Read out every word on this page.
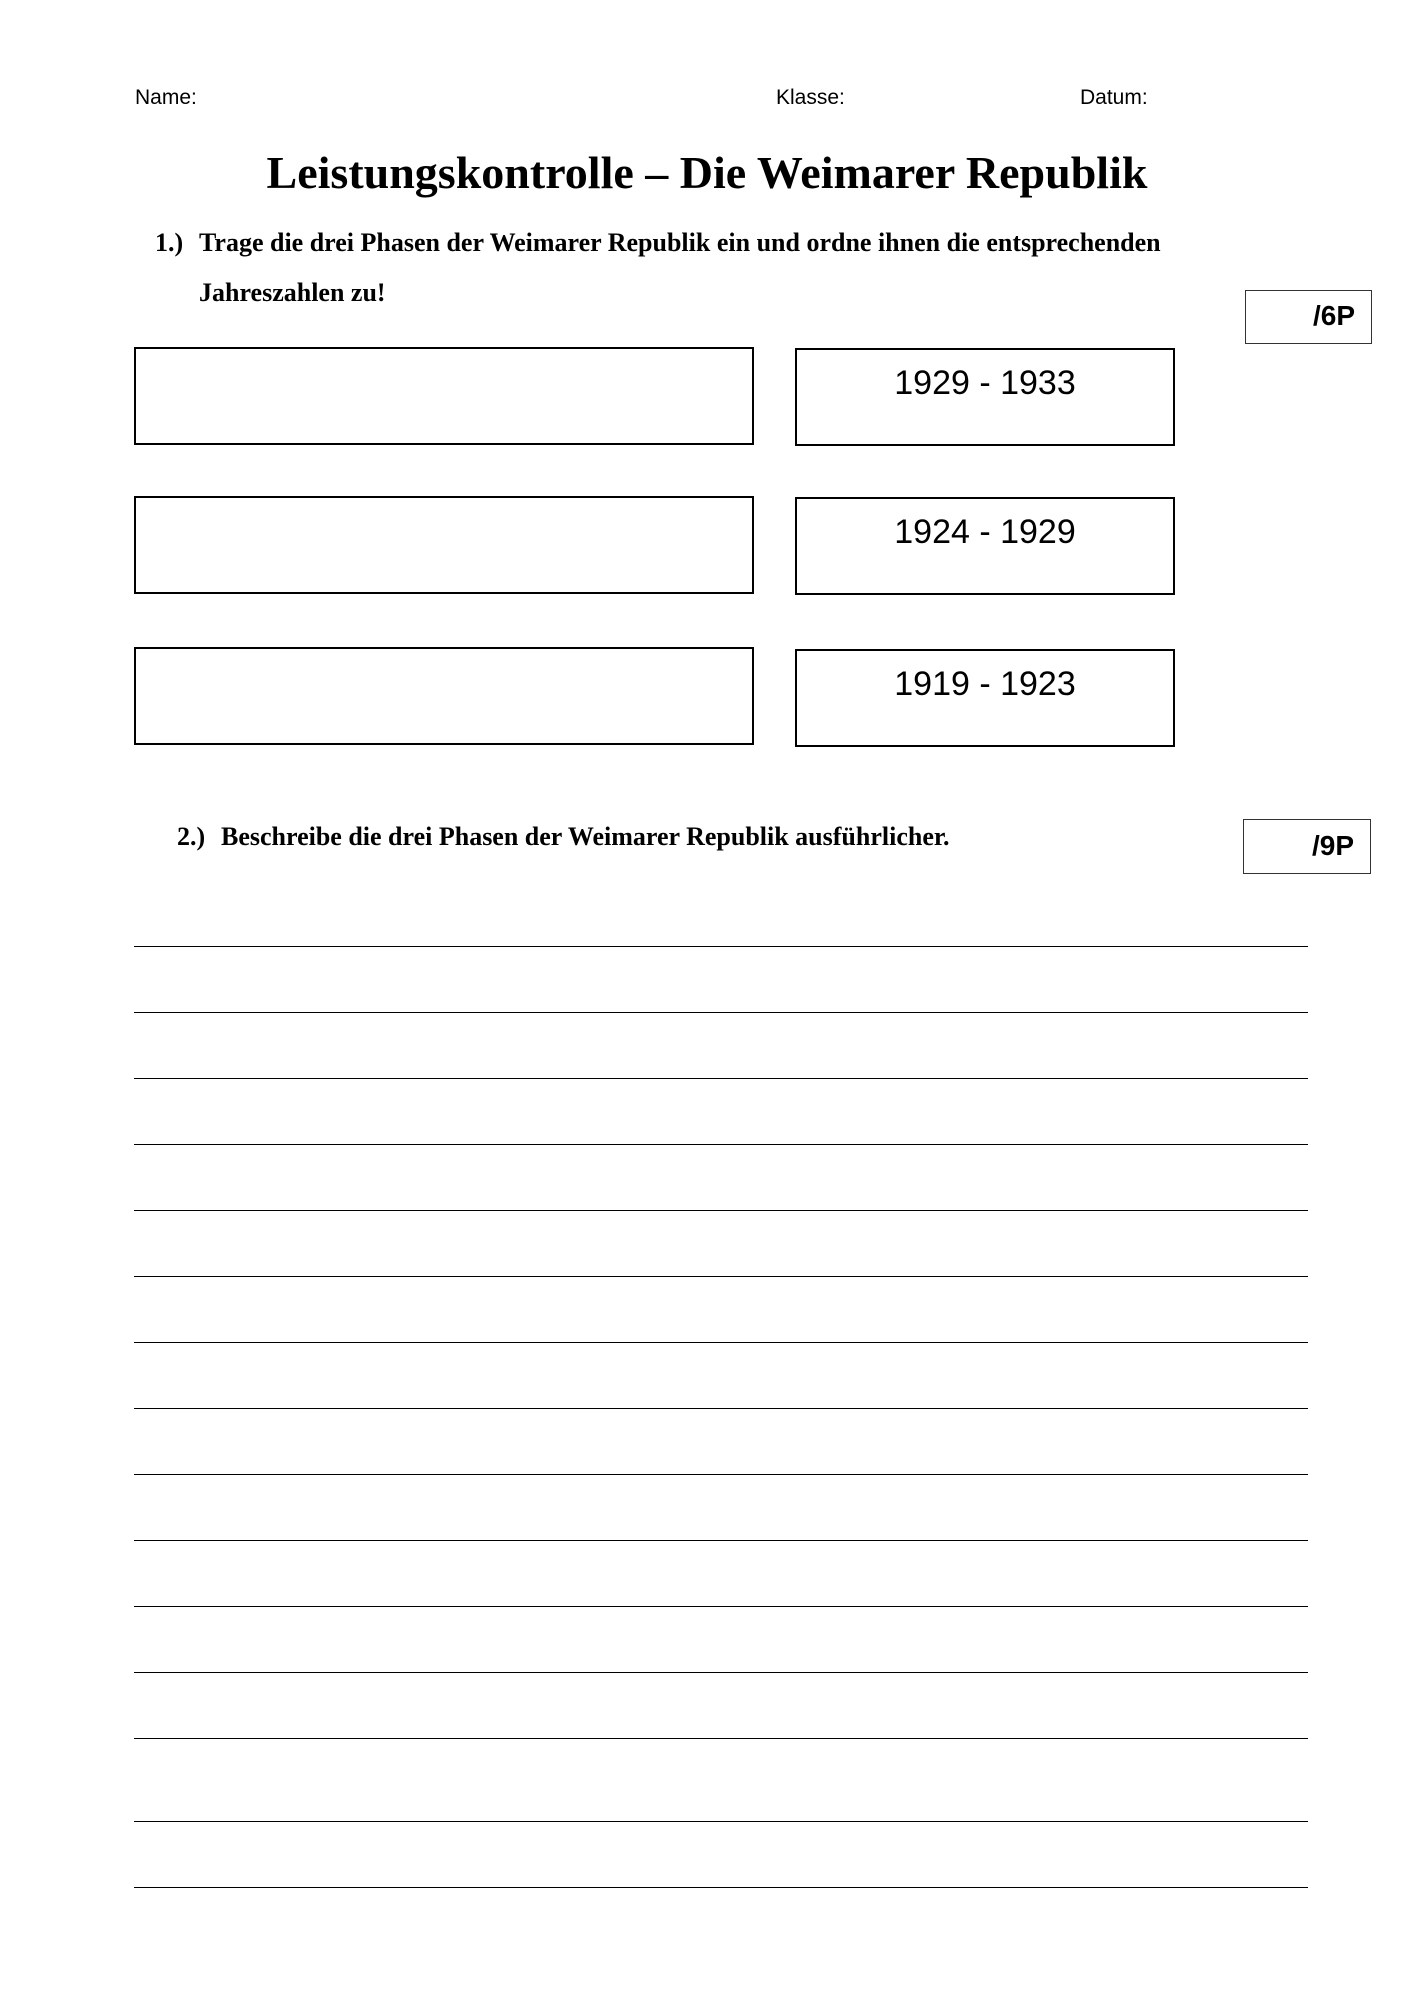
Name:	Klasse:	Datum:
Leistungskontrolle – Die Weimarer Republik
1.) Trage die drei Phasen der Weimarer Republik ein und ordne ihnen die entsprechenden
Jahreszahlen zu!
/6P
1929 - 1933
1924 - 1929
1919 - 1923
2.) Beschreibe die drei Phasen der Weimarer Republik ausführlicher.	/9P
